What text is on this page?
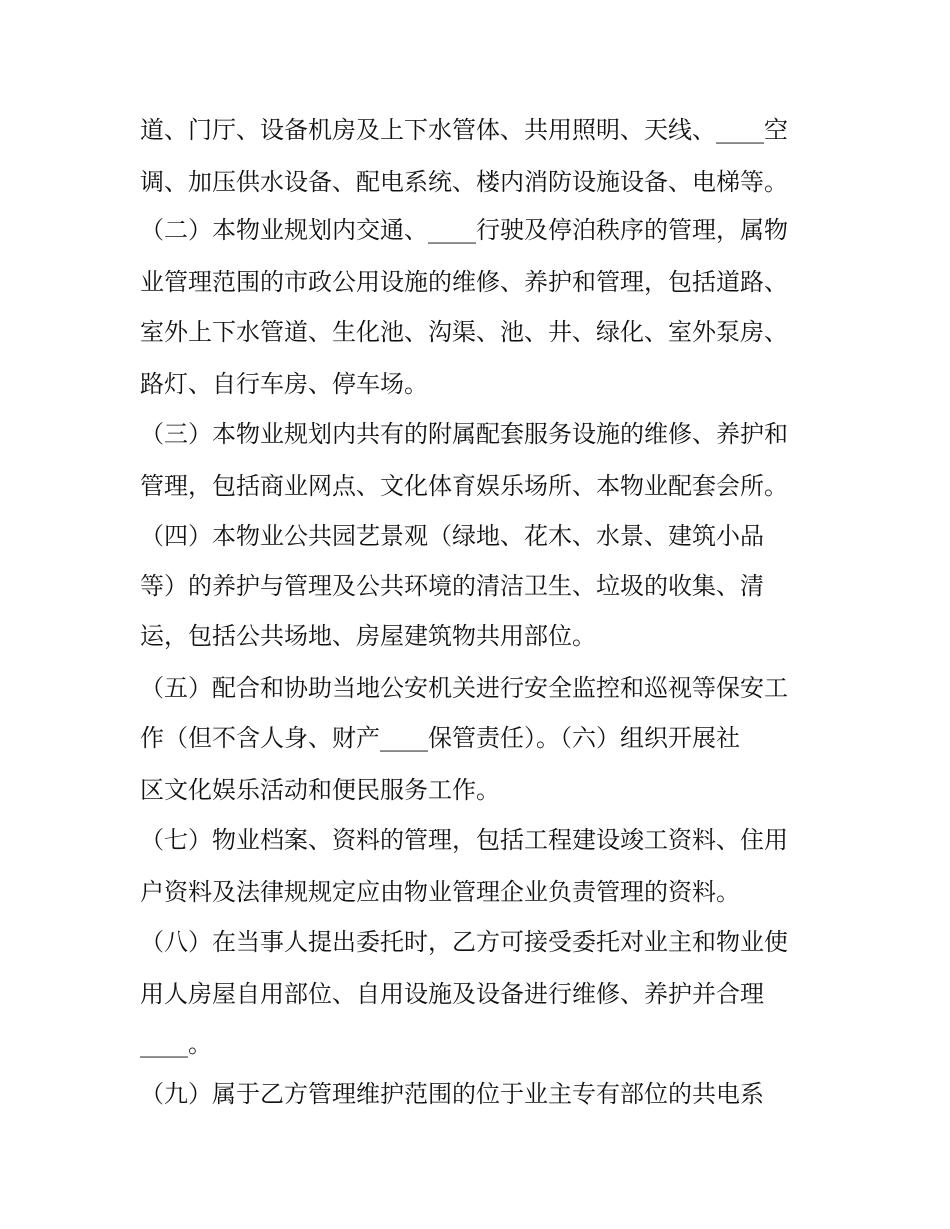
道、门厅、设备机房及上下水管体、共用照明、天线、____空
调、加压供水设备、配电系统、楼内消防设施设备、电梯等。
（二）本物业规划内交通、____行驶及停泊秩序的管理，属物
业管理范围的市政公用设施的维修、养护和管理，包括道路、
室外上下水管道、生化池、沟渠、池、井、绿化、室外泵房、
路灯、自行车房、停车场。
（三）本物业规划内共有的附属配套服务设施的维修、养护和
管理，包括商业网点、文化体育娱乐场所、本物业配套会所。
（四）本物业公共园艺景观（绿地、花木、水景、建筑小品
等）的养护与管理及公共环境的清洁卫生、垃圾的收集、清
运，包括公共场地、房屋建筑物共用部位。
（五）配合和协助当地公安机关进行安全监控和巡视等保安工
作（但不含人身、财产____保管责任）。（六）组织开展社
区文化娱乐活动和便民服务工作。
（七）物业档案、资料的管理，包括工程建设竣工资料、住用
户资料及法律规规定应由物业管理企业负责管理的资料。
（八）在当事人提出委托时，乙方可接受委托对业主和物业使
用人房屋自用部位、自用设施及设备进行维修、养护并合理
____。
（九）属于乙方管理维护范围的位于业主专有部位的共电系
